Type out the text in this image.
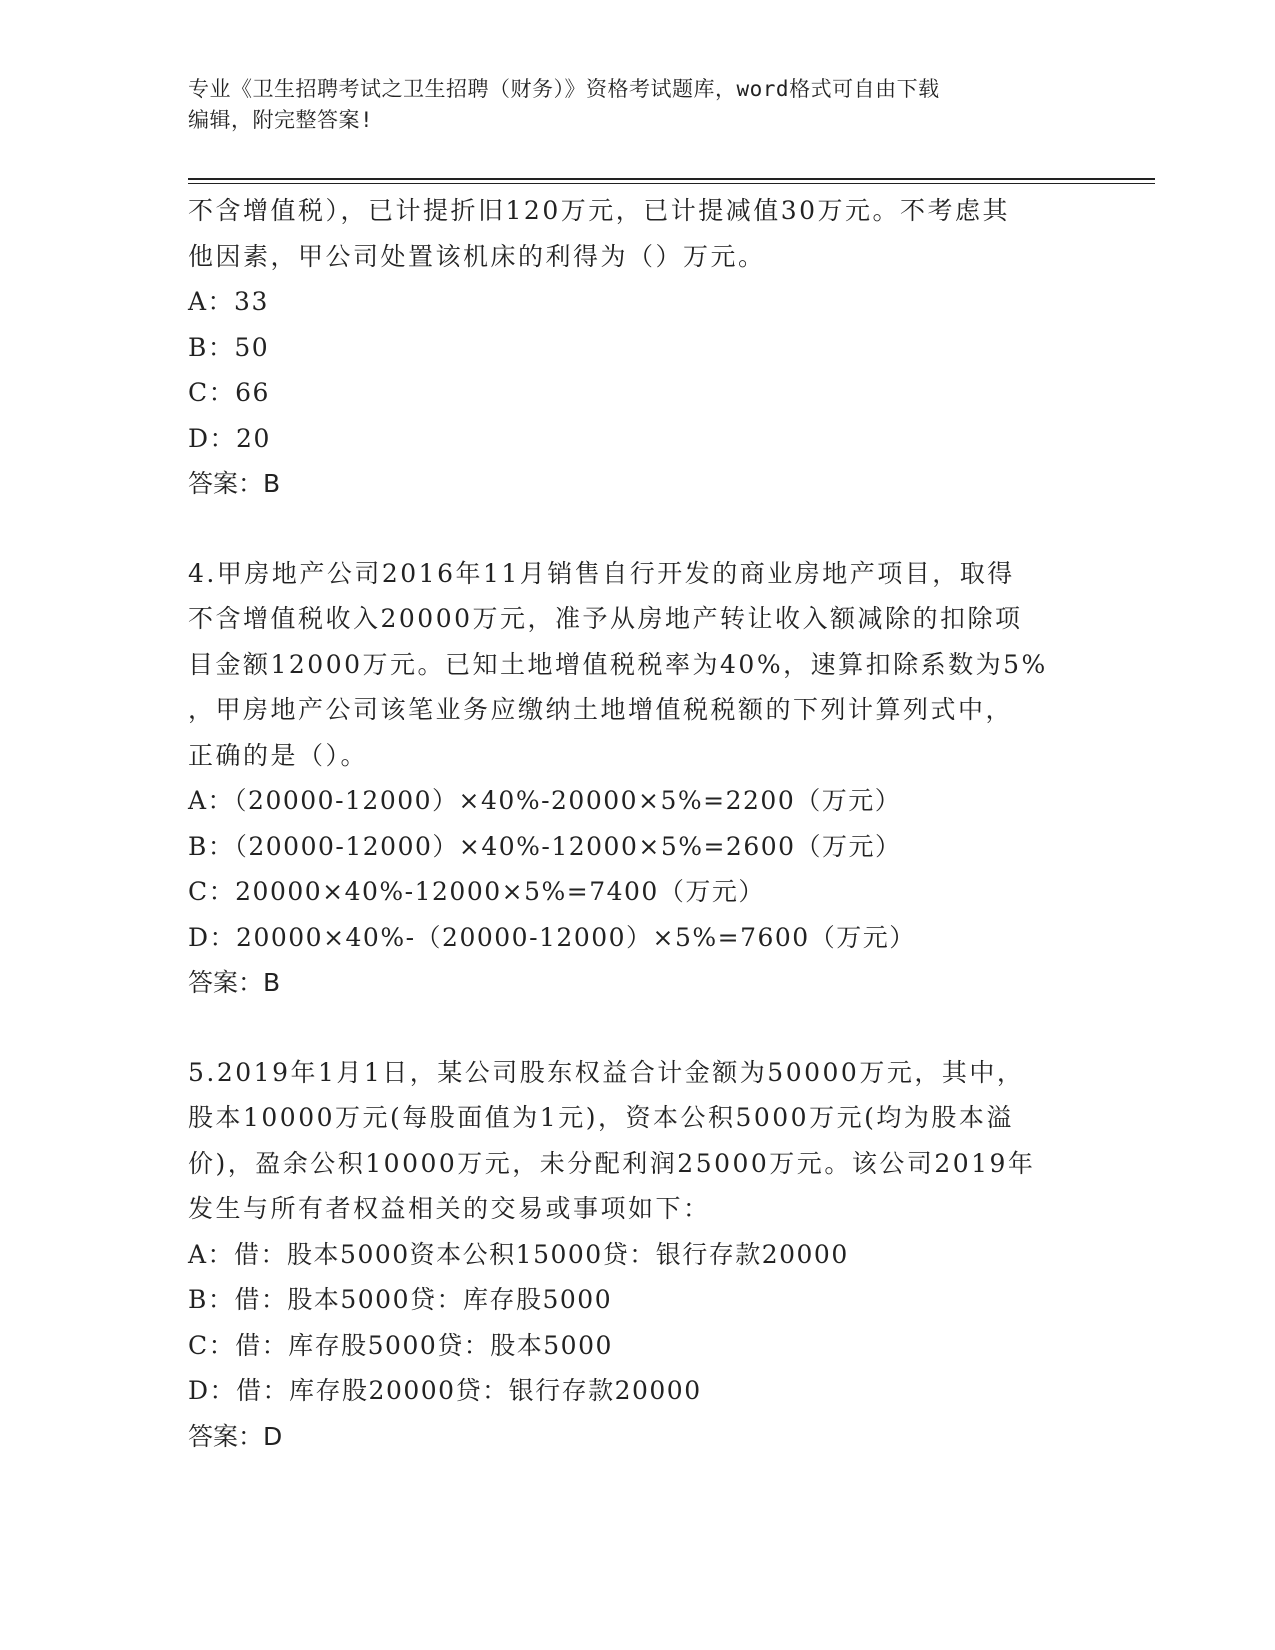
专业《卫生招聘考试之卫生招聘（财务）》资格考试题库，word格式可自由下载
编辑，附完整答案!

不含增值税），已计提折旧120万元，已计提减值30万元。不考虑其

他因素，甲公司处置该机床的利得为（）万元。

A：33

B：50

C：66

D：20

答案：B

4.甲房地产公司2016年11月销售自行开发的商业房地产项目，取得

不含增值税收入20000万元，准予从房地产转让收入额减除的扣除项

目金额12000万元。已知土地增值税税率为40%，速算扣除系数为5%

，甲房地产公司该笔业务应缴纳土地增值税税额的下列计算列式中，

正确的是（）。

A：（20000-12000）×40%-20000×5%=2200（万元）

B：（20000-12000）×40%-12000×5%=2600（万元）

C：20000×40%-12000×5%=7400（万元）

D：20000×40%-（20000-12000）×5%=7600（万元）

答案：B

5.2019年1月1日，某公司股东权益合计金额为50000万元，其中，

股本10000万元(每股面值为1元)，资本公积5000万元(均为股本溢

价)，盈余公积10000万元，未分配利润25000万元。该公司2019年

发生与所有者权益相关的交易或事项如下：

A：借：股本5000资本公积15000贷：银行存款20000

B：借：股本5000贷：库存股5000

C：借：库存股5000贷：股本5000

D：借：库存股20000贷：银行存款20000

答案：D
